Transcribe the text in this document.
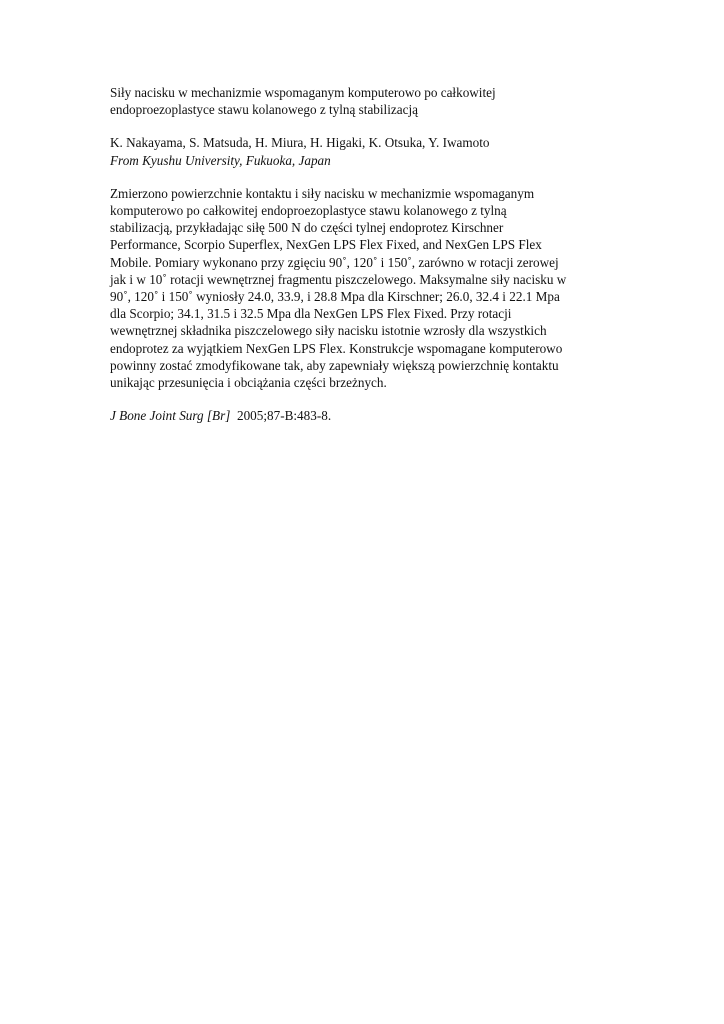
Siły nacisku w mechanizmie wspomaganym komputerowo po całkowitej
endoproezoplastyce stawu kolanowego z tylną stabilizacją
K. Nakayama, S. Matsuda, H. Miura, H. Higaki, K. Otsuka, Y. Iwamoto
From Kyushu University, Fukuoka, Japan
Zmierzono powierzchnie kontaktu i siły nacisku w mechanizmie wspomaganym
komputerowo po całkowitej endoproezoplastyce stawu kolanowego z tylną
stabilizacją, przykładając siłę 500 N do części tylnej endoprotez Kirschner
Performance, Scorpio Superflex, NexGen LPS Flex Fixed, and NexGen LPS Flex
Mobile. Pomiary wykonano przy zgięciu 90˚, 120˚ i 150˚, zarówno w rotacji zerowej
jak i w 10˚ rotacji wewnętrznej fragmentu piszczelowego. Maksymalne siły nacisku w
90˚, 120˚ i 150˚ wyniosły 24.0, 33.9, i 28.8 Mpa dla Kirschner; 26.0, 32.4 i 22.1 Mpa
dla Scorpio; 34.1, 31.5 i 32.5 Mpa dla NexGen LPS Flex Fixed. Przy rotacji
wewnętrznej składnika piszczelowego siły nacisku istotnie wzrosły dla wszystkich
endoprotez za wyjątkiem NexGen LPS Flex. Konstrukcje wspomagane komputerowo
powinny zostać zmodyfikowane tak, aby zapewniały większą powierzchnię kontaktu
unikając przesunięcia i obciążania części brzeżnych.
J Bone Joint Surg [Br] 2005;87-B:483-8.
